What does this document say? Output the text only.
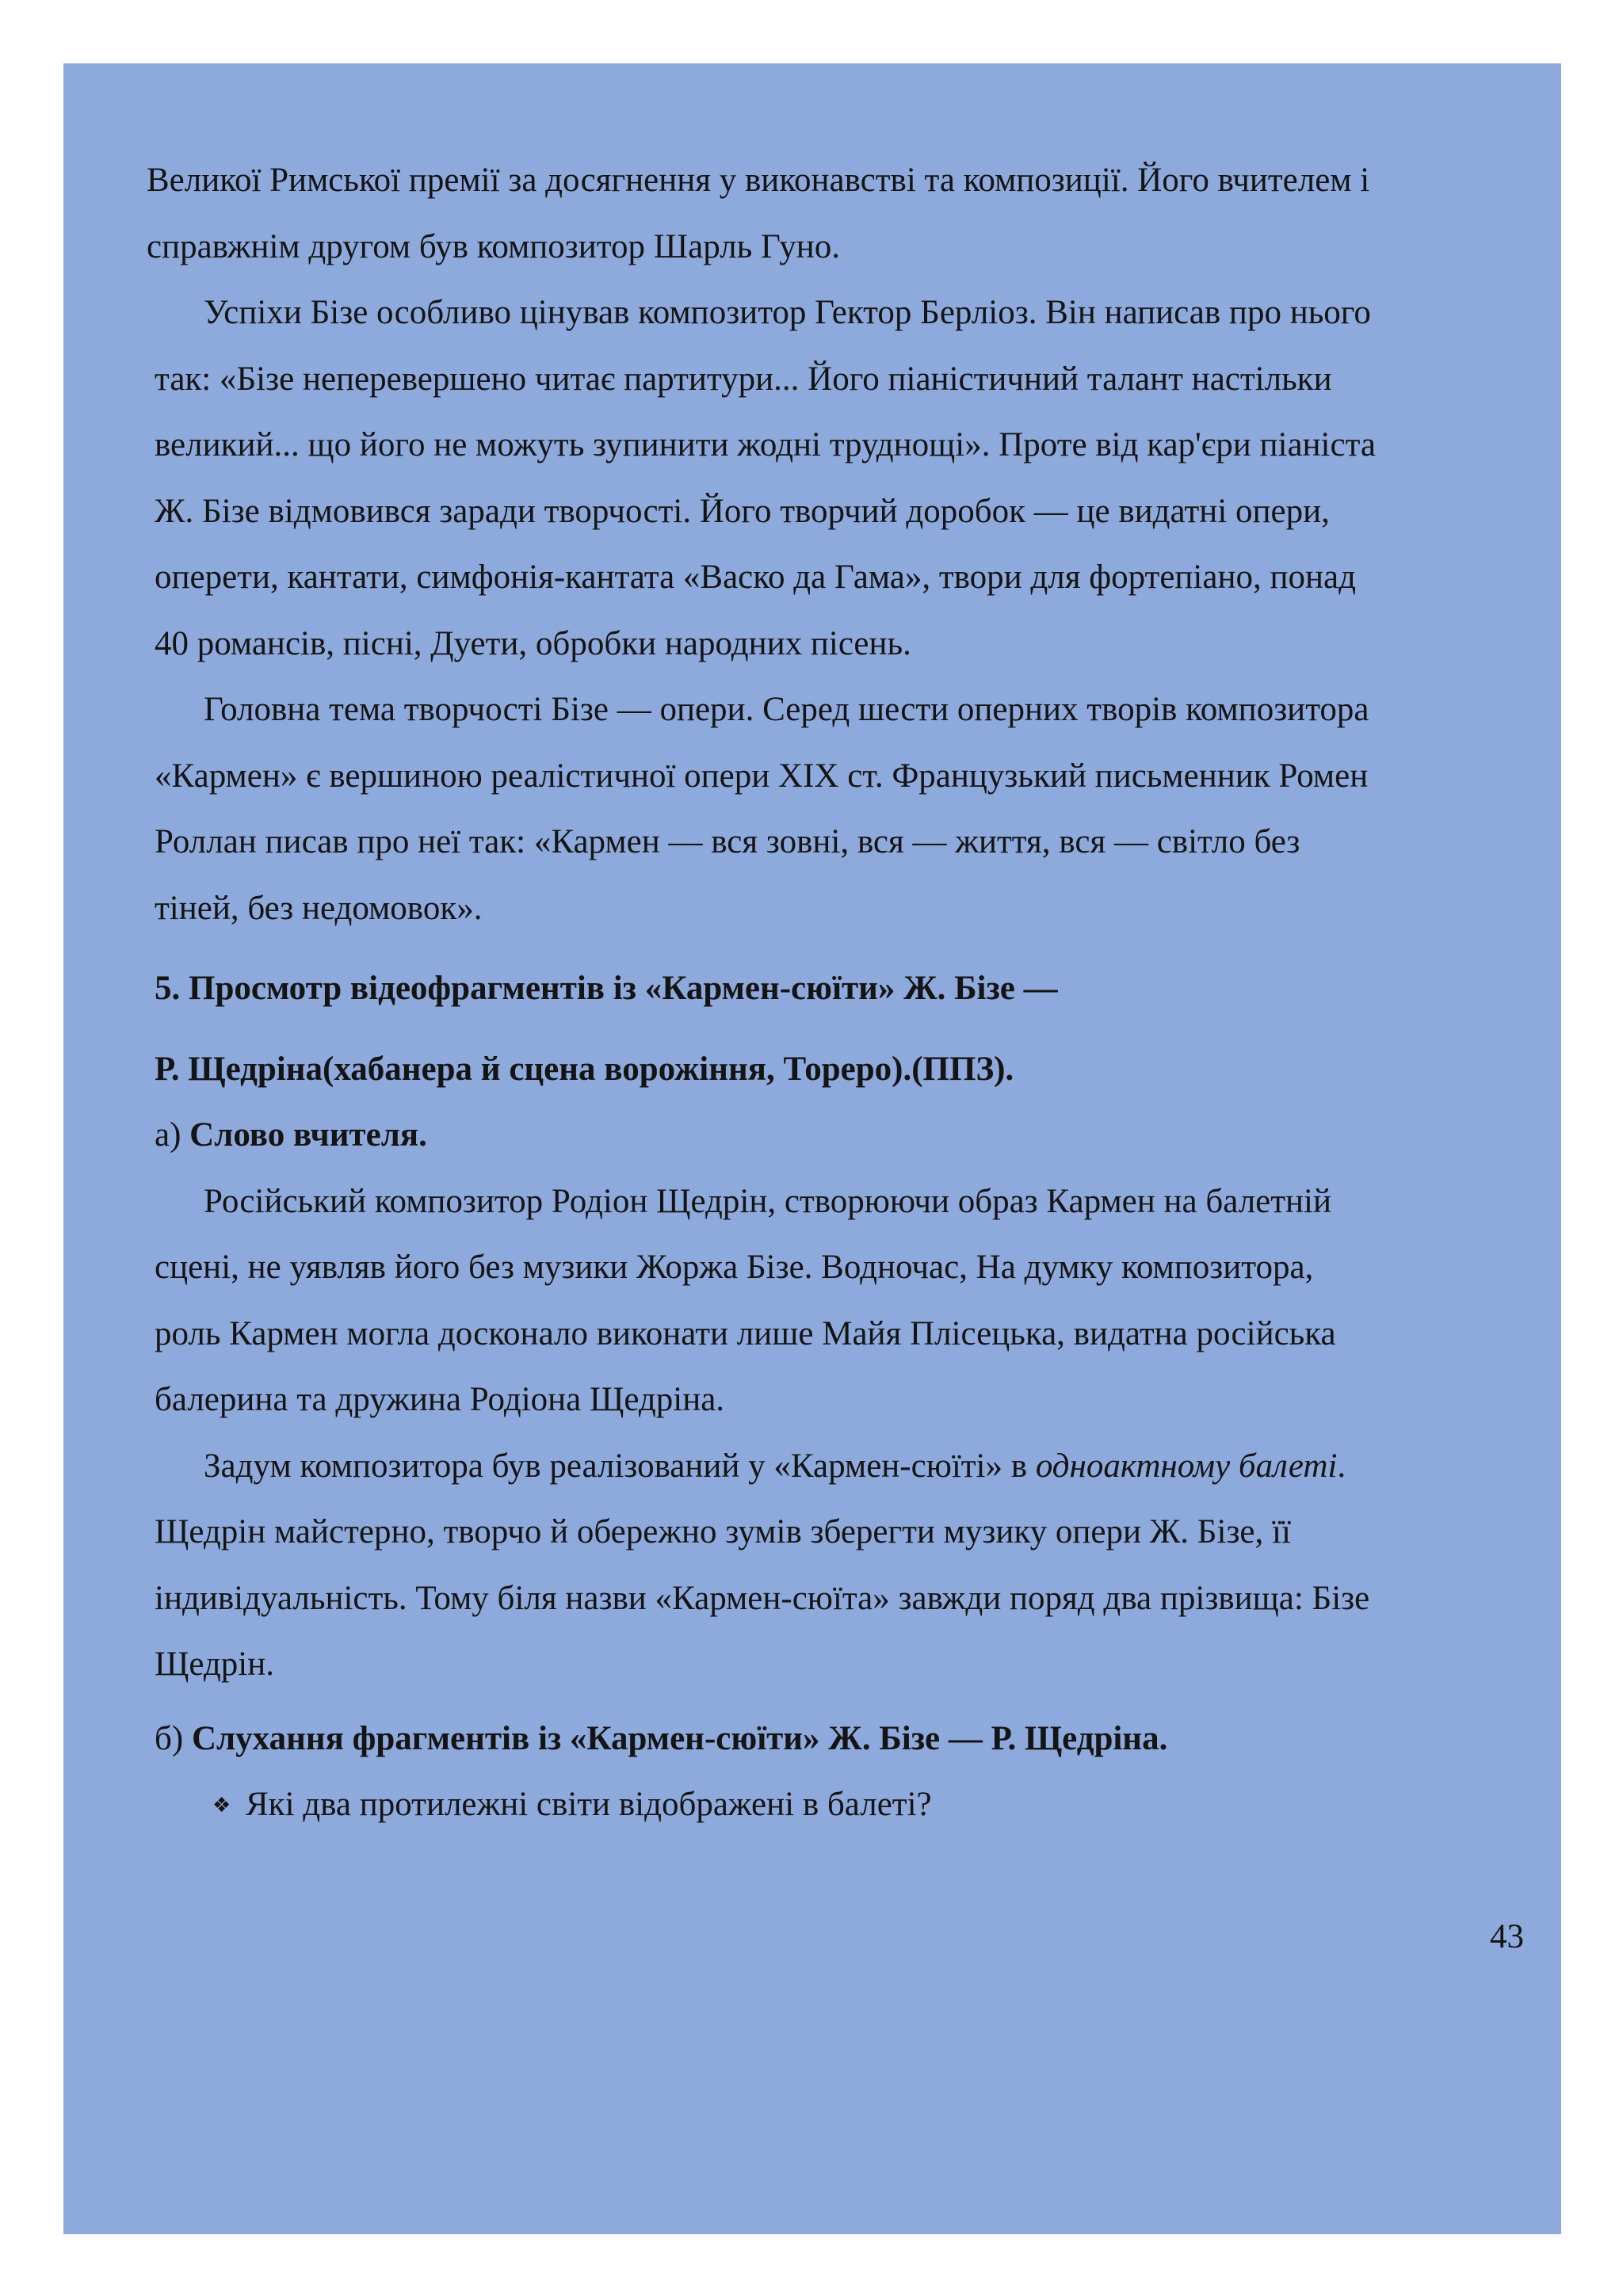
Великої Римської премії за досягнення у виконавстві та композиції. Його вчителем і
справжнім другом був композитор Шарль Гуно.

Успіхи Бізе особливо цінував композитор Гектор Берліоз. Він написав про нього
так: «Бізе неперевершено читає партитури... Його піаністичний талант настільки
великий... що його не можуть зупинити жодні труднощі». Проте від кар'єри піаніста
Ж. Бізе відмовився заради творчості. Його творчий доробок — це видатні опери,
оперети, кантати, симфонія-кантата «Васко да Гама», твори для фортепіано, понад
40 романсів, пісні, Дуети, обробки народних пісень.

Головна тема творчості Бізе — опери. Серед шести оперних творів композитора
«Кармен» є вершиною реалістичної опери XIX ст. Французький письменник Ромен
Роллан писав про неї так: «Кармен — вся зовні, вся — життя, вся — світло без
тіней, без недомовок».

5. Просмотр відеофрагментів із «Кармен-сюїти» Ж. Бізе —

Р. Щедріна(хабанера й сцена ворожіння, Тореро).(ППЗ).

а) Слово вчителя.

Російський композитор Родіон Щедрін, створюючи образ Кармен на балетній
сцені, не уявляв його без музики Жоржа Бізе. Водночас, На думку композитора,
роль Кармен могла досконало виконати лише Майя Плісецька, видатна російська
балерина та дружина Родіона Щедріна.

Задум композитора був реалізований у «Кармен-сюїті» в одноактному балеті.
Щедрін майстерно, творчо й обережно зумів зберегти музику опери Ж. Бізе, її
індивідуальність. Тому біля назви «Кармен-сюїта» завжди поряд два прізвища: Бізе
Щедрін.

б) Слухання фрагментів із «Кармен-сюїти» Ж. Бізе — Р. Щедріна.

❖ Які два протилежні світи відображені в балеті?

43
